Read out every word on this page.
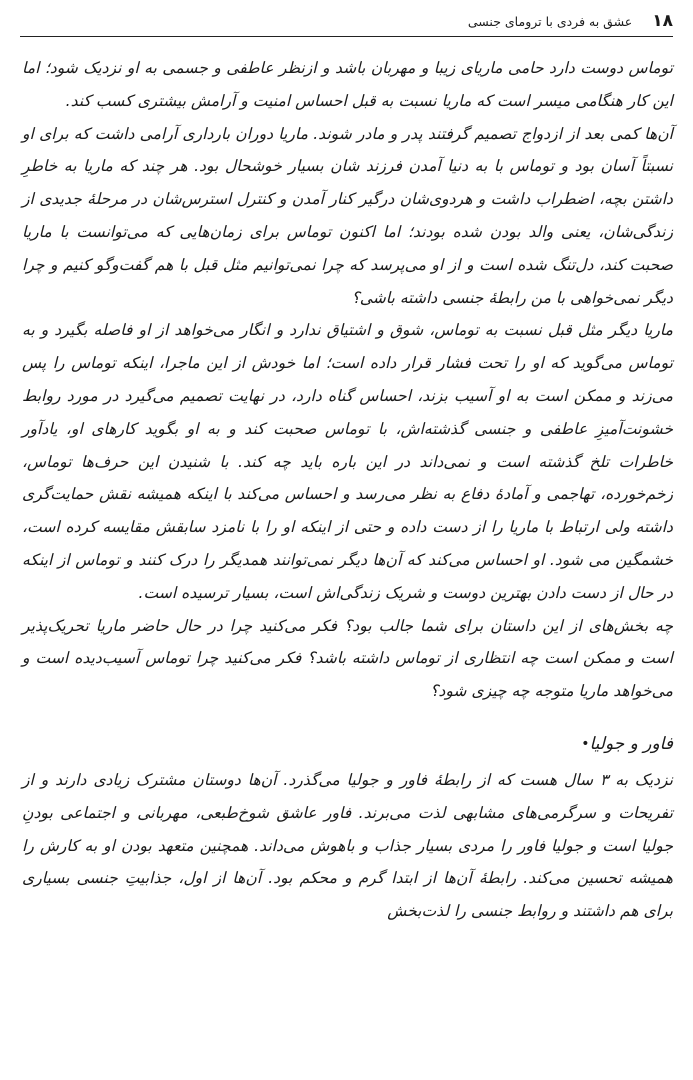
۱۸
عشق به فردی با ترومای جنسی

توماس دوست دارد حامی ماریای زیبا و مهربان باشد و ازنظر عاطفی و جسمی به او نزدیک شود؛ اما این کار هنگامی میسر است که ماریا نسبت به قبل احساس امنیت و آرامش بیشتری کسب کند.

آن‌ها کمی بعد از ازدواج تصمیم گرفتند پدر و مادر شوند. ماریا دوران بارداری آرامی داشت که برای او نسبتاً آسان بود و توماس با به دنیا آمدن فرزند شان بسیار خوشحال بود. هر چند که ماریا به خاطرِ داشتن بچه، اضطراب داشت و هردوی‌شان درگیر کنار آمدن و کنترل استرس‌شان در مرحلۀ جدیدی از زندگی‌شان، یعنی والد بودن شده بودند؛ اما اکنون توماس برای زمان‌هایی که می‌توانست با ماریا صحبت کند، دل‌تنگ شده است و از او می‌پرسد که چرا نمی‌توانیم مثل قبل با هم گفت‌وگو کنیم و چرا دیگر نمی‌خواهی با من رابطۀ جنسی داشته باشی؟

ماریا دیگر مثل قبل نسبت به توماس، شوق و اشتیاق ندارد و انگار می‌خواهد از او فاصله بگیرد و به توماس می‌گوید که او را تحت فشار قرار داده است؛ اما خودش از این ماجرا، اینکه توماس را پس می‌زند و ممکن است به او آسیب بزند، احساس گناه دارد، در نهایت تصمیم می‌گیرد در مورد روابط خشونت‌آمیزِ عاطفی و جنسی گذشته‌اش، با توماس صحبت کند و به او بگوید کارهای او، یادآور خاطرات تلخ گذشته است و نمی‌داند در این باره باید چه کند. با شنیدن این حرف‌ها توماس، زخم‌خورده، تهاجمی و آمادۀ دفاع به نظر می‌رسد و احساس می‌کند با اینکه همیشه نقش حمایت‌گری داشته ولی ارتباط با ماریا را از دست داده و حتی از اینکه او را با نامزد سابقش مقایسه کرده است، خشمگین می شود. او احساس می‌کند که آن‌ها دیگر نمی‌توانند همدیگر را درک کنند و توماس از اینکه در حال از دست دادن بهترین دوست و شریک زندگی‌اش است، بسیار ترسیده است.

چه بخش‌های از این داستان برای شما جالب بود؟ فکر می‌کنید چرا در حال حاضر ماریا تحریک‌پذیر است و ممکن است چه انتظاری از توماس داشته باشد؟ فکر می‌کنید چرا توماس آسیب‌دیده است و می‌خواهد ماریا متوجه چه چیزی شود؟

فاور و جولیا
•

نزدیک به ۳ سال هست که از رابطۀ فاور و جولیا می‌گذرد. آن‌ها دوستان مشترک زیادی دارند و از تفریحات و سرگرمی‌های مشابهی لذت می‌برند. فاور عاشق شوخ‌طبعی، مهربانی و اجتماعی بودنِ جولیا است و جولیا فاور را مردی بسیار جذاب و باهوش می‌داند. همچنین متعهد بودن او به کارش را همیشه تحسین می‌کند. رابطۀ آن‌ها از ابتدا گرم و محکم بود. آن‌ها از اول، جذابیتِ جنسی بسیاری برای هم داشتند و روابط جنسی را لذت‌بخش
